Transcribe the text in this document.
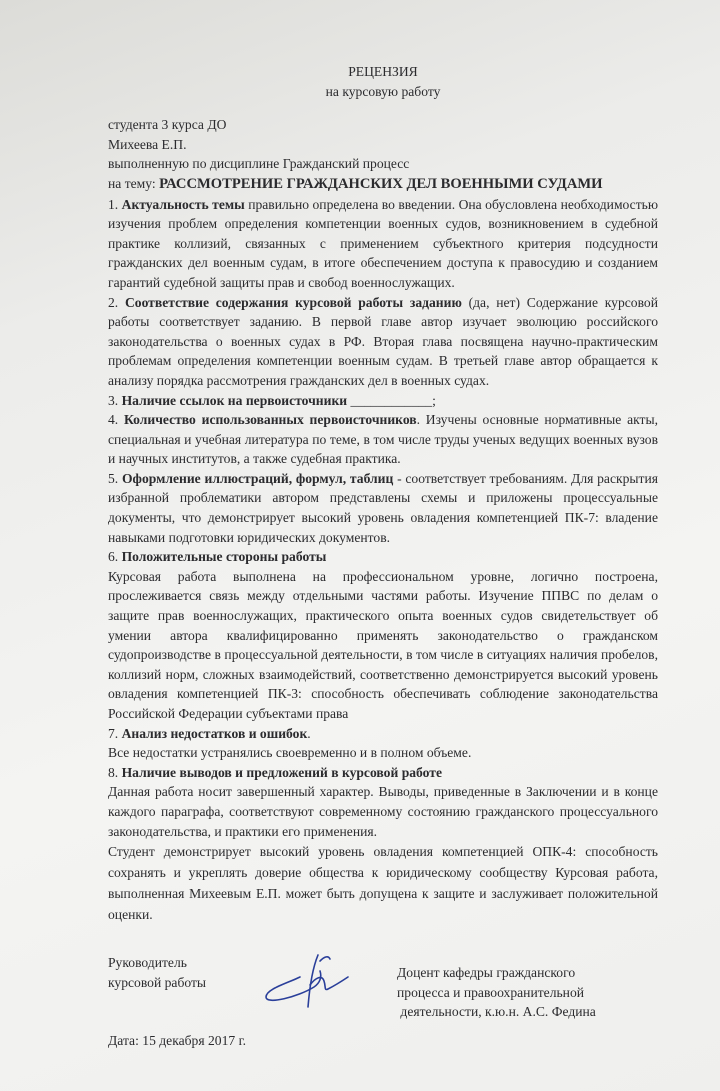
РЕЦЕНЗИЯ
на курсовую работу
студента 3 курса ДО
Михеева Е.П.
выполненную по дисциплине Гражданский процесс
на тему: РАССМОТРЕНИЕ ГРАЖДАНСКИХ ДЕЛ ВОЕННЫМИ СУДАМИ

1. Актуальность темы правильно определена во введении. Она обусловлена необходимостью изучения проблем определения компетенции военных судов, возникновением в судебной практике коллизий, связанных с применением субъектного критерия подсудности гражданских дел военным судам, в итоге обеспечением доступа к правосудию и созданием гарантий судебной защиты прав и свобод военнослужащих.

2. Соответствие содержания курсовой работы заданию (да, нет) Содержание курсовой работы соответствует заданию. В первой главе автор изучает эволюцию российского законодательства о военных судах в РФ. Вторая глава посвящена научно-практическим проблемам определения компетенции военным судам. В третьей главе автор обращается к анализу порядка рассмотрения гражданских дел в военных судах.

3. Наличие ссылок на первоисточники ____________;

4. Количество использованных первоисточников. Изучены основные нормативные акты, специальная и учебная литература по теме, в том числе труды ученых ведущих военных вузов и научных институтов, а также судебная практика.

5. Оформление иллюстраций, формул, таблиц - соответствует требованиям. Для раскрытия избранной проблематики автором представлены схемы и приложены процессуальные документы, что демонстрирует высокий уровень овладения компетенцией ПК-7: владение навыками подготовки юридических документов.

6. Положительные стороны работы

Курсовая работа выполнена на профессиональном уровне, логично построена, прослеживается связь между отдельными частями работы. Изучение ППВС по делам о защите прав военнослужащих, практического опыта военных судов свидетельствует об умении автора квалифицированно применять законодательство о гражданском судопроизводстве в процессуальной деятельности, в том числе в ситуациях наличия пробелов, коллизий норм, сложных взаимодействий, соответственно демонстрируется высокий уровень овладения компетенцией ПК-3: способность обеспечивать соблюдение законодательства Российской Федерации субъектами права

7. Анализ недостатков и ошибок.

Все недостатки устранялись своевременно и в полном объеме.

8. Наличие выводов и предложений в курсовой работе

Данная работа носит завершенный характер. Выводы, приведенные в Заключении и в конце каждого параграфа, соответствуют современному состоянию гражданского процессуального законодательства, и практики его применения.

Студент демонстрирует высокий уровень овладения компетенцией ОПК-4: способность сохранять и укреплять доверие общества к юридическому сообществу Курсовая работа, выполненная Михеевым Е.П. может быть допущена к защите и заслуживает положительной оценки.

Руководитель
курсовой работы
Доцент кафедры гражданского
процесса и правоохранительной
деятельности, к.ю.н. А.С. Федина
Дата: 15 декабря 2017 г.
